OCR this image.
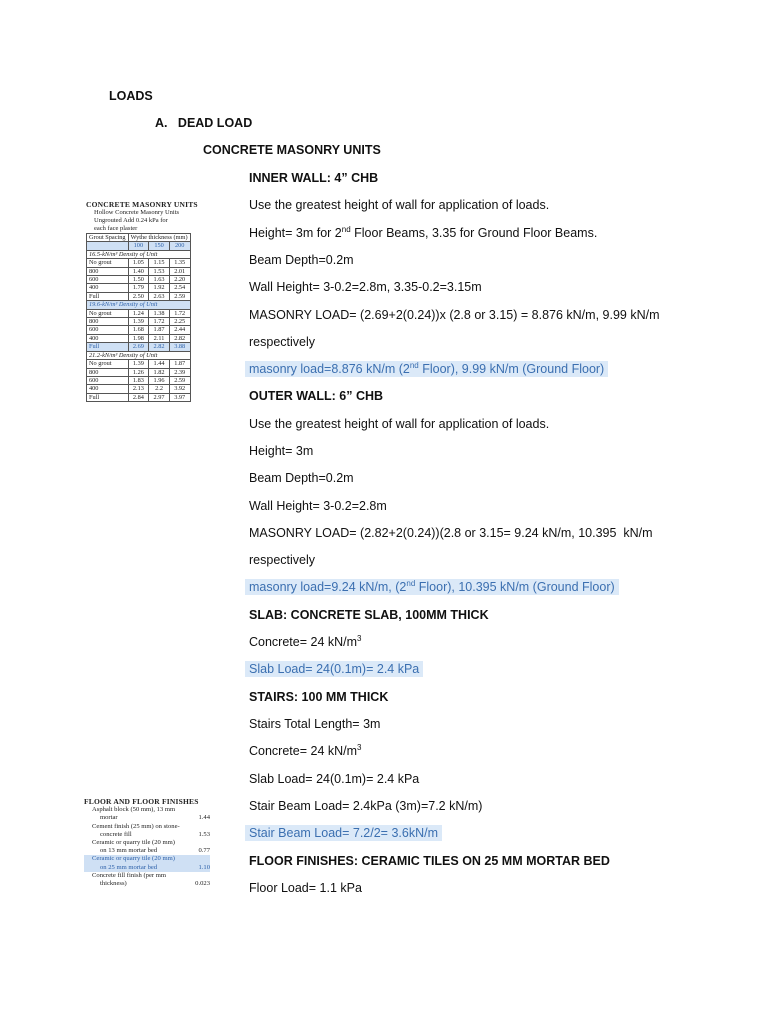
LOADS
A.   DEAD LOAD
CONCRETE MASONRY UNITS
INNER WALL: 4” CHB
Use the greatest height of wall for application of loads.
Height= 3m for 2nd Floor Beams, 3.35 for Ground Floor Beams.
Beam Depth=0.2m
Wall Height= 3-0.2=2.8m, 3.35-0.2=3.15m
MASONRY LOAD= (2.69+2(0.24))x (2.8 or 3.15) = 8.876 kN/m, 9.99 kN/m
respectively
masonry load=8.876 kN/m (2nd Floor), 9.99 kN/m (Ground Floor)
OUTER WALL: 6” CHB
Use the greatest height of wall for application of loads.
Height= 3m
Beam Depth=0.2m
Wall Height= 3-0.2=2.8m
MASONRY LOAD= (2.82+2(0.24))(2.8 or 3.15= 9.24 kN/m, 10.395  kN/m
respectively
masonry load=9.24 kN/m, (2nd Floor), 10.395 kN/m (Ground Floor)
SLAB: CONCRETE SLAB, 100MM THICK
Concrete= 24 $kN/m^3$
Slab Load= 24(0.1m)= 2.4 kPa
STAIRS: 100 MM THICK
Stairs Total Length= 3m
Concrete= 24 $kN/m^3$
Slab Load= 24(0.1m)= 2.4 kPa
Stair Beam Load= 2.4kPa (3m)=7.2 kN/m)
Stair Beam Load= 7.2/2= 3.6kN/m
FLOOR FINISHES: CERAMIC TILES ON 25 MM MORTAR BED
Floor Load= 1.1 kPa
CONCRETE MASONRY UNITS
Hollow Concrete Masonry Units
Ungrouted Add 0.24 kPa for
each face plaster
Grout Spacing	Wythe thickness (mm)		
	100	150	200
16.5-kN/m³ Density of Unit			
No grout	1.05	1.15	1.35
800	1.40	1.53	2.01
600	1.50	1.63	2.20
400	1.79	1.92	2.54
Full	2.50	2.63	2.59
19.6-kN/m³ Density of Unit			
No grout	1.24	1.38	1.72
800	1.39	1.72	2.25
600	1.68	1.87	2.44
400	1.98	2.11	2.82
Full	2.69	2.82	3.88
21.2-kN/m³ Density of Unit			
No grout	1.39	1.44	1.87
800	1.26	1.82	2.39
600	1.83	1.96	2.59
400	2.13	2.2	3.92
Full	2.84	2.97	3.97
FLOOR AND FLOOR FINISHES
Asphalt block (50 mm), 13 mm
mortar	1.44
Cement finish (25 mm) on stone-
concrete fill	1.53
Ceramic or quarry tile (20 mm)
on 13 mm mortar bed	0.77
Ceramic or quarry tile (20 mm)
on 25 mm mortar bed	1.10
Concrete fill finish (per mm
thickness)	0.023
